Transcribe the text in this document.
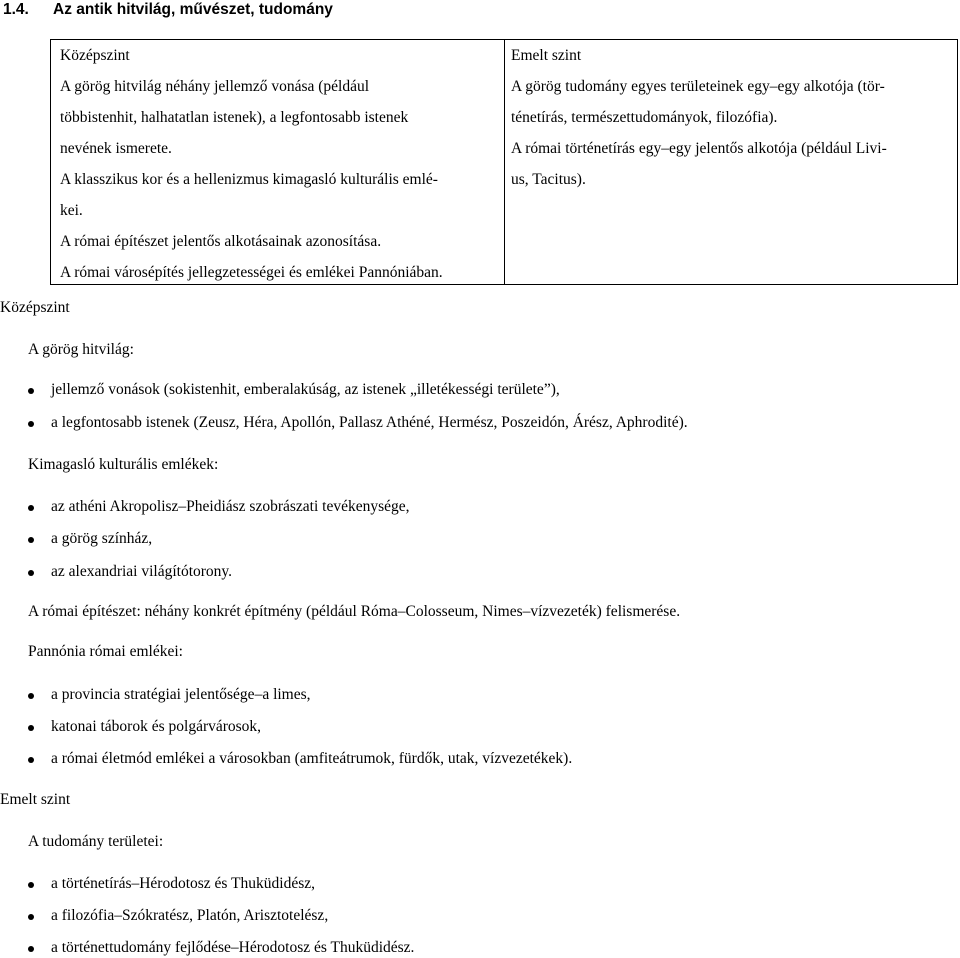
1.4. Az antik hitvilág, művészet, tudomány
Középszint
A görög hitvilág néhány jellemző vonása (például
többistenhit, halhatatlan istenek), a legfontosabb istenek
nevének ismerete.
A klasszikus kor és a hellenizmus kimagasló kulturális emlé-
kei.
A római építészet jelentős alkotásainak azonosítása.
A római városépítés jellegzetességei és emlékei Pannóniában.
Emelt szint
A görög tudomány egyes területeinek egy–egy alkotója (tör-
ténetírás, természettudományok, filozófia).
A római történetírás egy–egy jelentős alkotója (például Livi-
us, Tacitus).
Középszint
A görög hitvilág:
jellemző vonások (sokistenhit, emberalakúság, az istenek „illetékességi területe”),
a legfontosabb istenek (Zeusz, Héra, Apollón, Pallasz Athéné, Hermész, Poszeidón, Árész, Aphrodité).
Kimagasló kulturális emlékek:
az athéni Akropolisz–Pheidiász szobrászati tevékenysége,
a görög színház,
az alexandriai világítótorony.
A római építészet: néhány konkrét építmény (például Róma–Colosseum, Nimes–vízvezeték) felismerése.
Pannónia római emlékei:
a provincia stratégiai jelentősége–a limes,
katonai táborok és polgárvárosok,
a római életmód emlékei a városokban (amfiteátrumok, fürdők, utak, vízvezetékek).
Emelt szint
A tudomány területei:
a történetírás–Hérodotosz és Thuküdidész,
a filozófia–Szókratész, Platón, Arisztotelész,
a történettudomány fejlődése–Hérodotosz és Thuküdidész.
